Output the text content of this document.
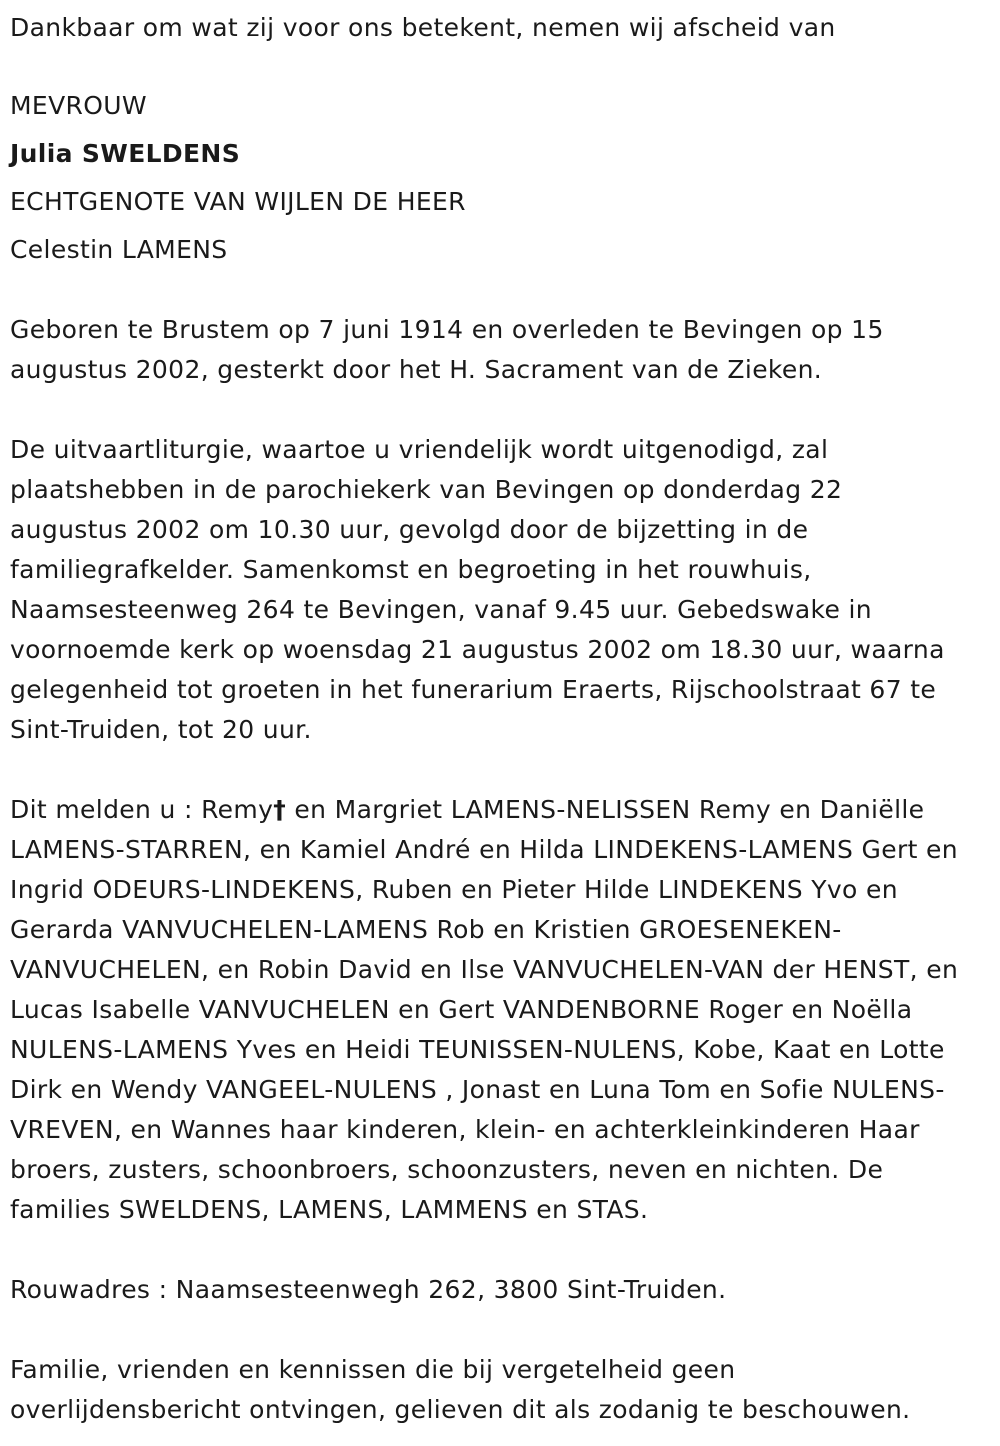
Dankbaar om wat zij voor ons betekent, nemen wij afscheid van
MEVROUW
Julia SWELDENS
ECHTGENOTE VAN WIJLEN DE HEER
Celestin LAMENS
Geboren te Brustem op 7 juni 1914 en overleden te Bevingen op 15
augustus 2002, gesterkt door het H. Sacrament van de Zieken.
De uitvaartliturgie, waartoe u vriendelijk wordt uitgenodigd, zal
plaatshebben in de parochiekerk van Bevingen op donderdag 22
augustus 2002 om 10.30 uur, gevolgd door de bijzetting in de
familiegrafkelder. Samenkomst en begroeting in het rouwhuis,
Naamsesteenweg 264 te Bevingen, vanaf 9.45 uur. Gebedswake in
voornoemde kerk op woensdag 21 augustus 2002 om 18.30 uur, waarna
gelegenheid tot groeten in het funerarium Eraerts, Rijschoolstraat 67 te
Sint-Truiden, tot 20 uur.
Dit melden u : Remy† en Margriet LAMENS-NELISSEN Remy en Daniëlle
LAMENS-STARREN, en Kamiel André en Hilda LINDEKENS-LAMENS Gert en
Ingrid ODEURS-LINDEKENS, Ruben en Pieter Hilde LINDEKENS Yvo en
Gerarda VANVUCHELEN-LAMENS Rob en Kristien GROESENEKEN-
VANVUCHELEN, en Robin David en Ilse VANVUCHELEN-VAN der HENST, en
Lucas Isabelle VANVUCHELEN en Gert VANDENBORNE Roger en Noëlla
NULENS-LAMENS Yves en Heidi TEUNISSEN-NULENS, Kobe, Kaat en Lotte
Dirk en Wendy VANGEEL-NULENS , Jonast en Luna Tom en Sofie NULENS-
VREVEN, en Wannes haar kinderen, klein- en achterkleinkinderen Haar
broers, zusters, schoonbroers, schoonzusters, neven en nichten. De
families SWELDENS, LAMENS, LAMMENS en STAS.
Rouwadres : Naamsesteenwegh 262, 3800 Sint-Truiden.
Familie, vrienden en kennissen die bij vergetelheid geen
overlijdensbericht ontvingen, gelieven dit als zodanig te beschouwen.
